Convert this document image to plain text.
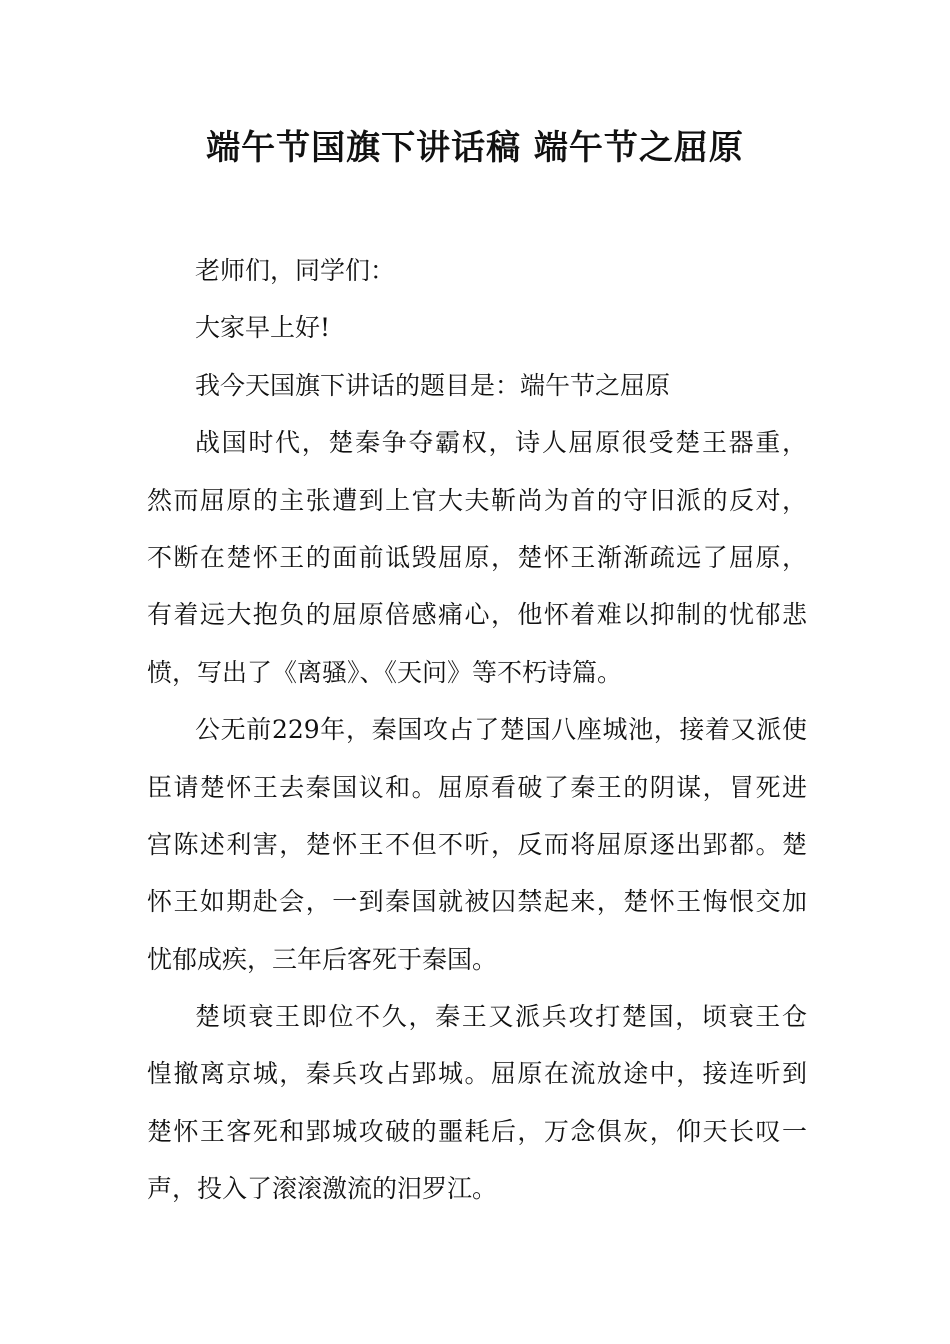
端午节国旗下讲话稿 端午节之屈原
老师们，同学们：
大家早上好!
我今天国旗下讲话的题目是：端午节之屈原
战国时代，楚秦争夺霸权，诗人屈原很受楚王器重，
然而屈原的主张遭到上官大夫靳尚为首的守旧派的反对，
不断在楚怀王的面前诋毁屈原，楚怀王渐渐疏远了屈原，
有着远大抱负的屈原倍感痛心，他怀着难以抑制的忧郁悲
愤，写出了《离骚》、《天问》等不朽诗篇。
公无前229年，秦国攻占了楚国八座城池，接着又派使
臣请楚怀王去秦国议和。屈原看破了秦王的阴谋，冒死进
宫陈述利害，楚怀王不但不听，反而将屈原逐出郢都。楚
怀王如期赴会，一到秦国就被囚禁起来，楚怀王悔恨交加
忧郁成疾，三年后客死于秦国。
楚顷衰王即位不久，秦王又派兵攻打楚国，顷衰王仓
惶撤离京城，秦兵攻占郢城。屈原在流放途中，接连听到
楚怀王客死和郢城攻破的噩耗后，万念俱灰，仰天长叹一
声，投入了滚滚激流的汨罗江。
